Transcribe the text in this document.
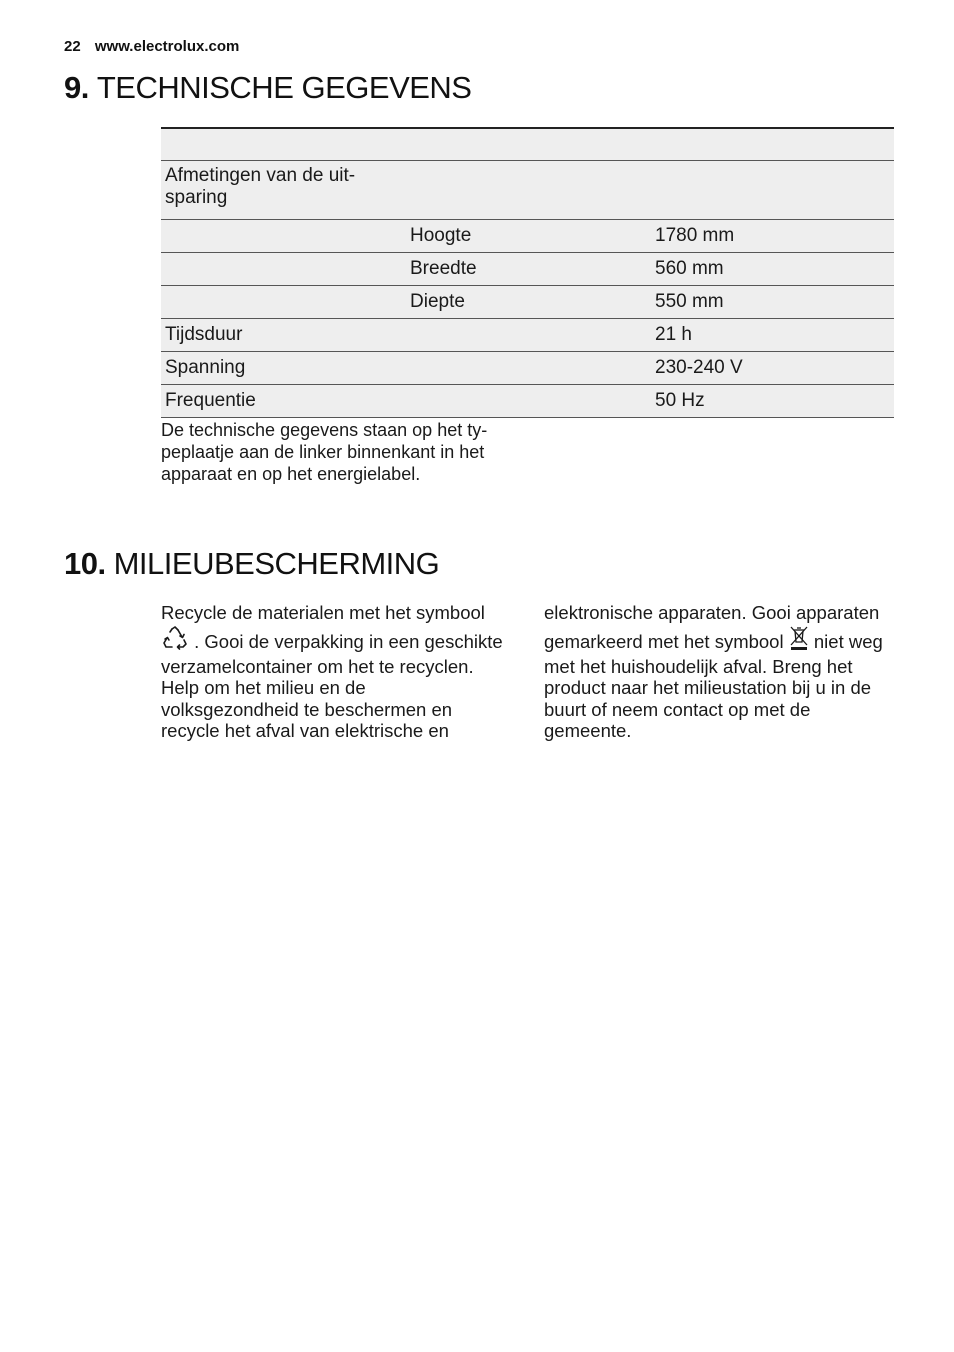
22 www.electrolux.com
9. TECHNISCHE GEGEVENS

Afmetingen van de uit-
sparing		
	Hoogte	1780 mm
	Breedte	560 mm
	Diepte	550 mm
Tijdsduur		21 h
Spanning		230-240 V
Frequentie		50 Hz

De technische gegevens staan op het ty-
peplaatje aan de linker binnenkant in het
apparaat en op het energielabel.

10. MILIEUBESCHERMING

Recycle de materialen met het symbool

. Gooi de verpakking in een geschikte

verzamelcontainer om het te recyclen.
Help om het milieu en de
volksgezondheid te beschermen en
recycle het afval van elektrische en

elektronische apparaten. Gooi apparaten

gemarkeerd met het symbool niet weg

met het huishoudelijk afval. Breng het
product naar het milieustation bij u in de
buurt of neem contact op met de
gemeente.
